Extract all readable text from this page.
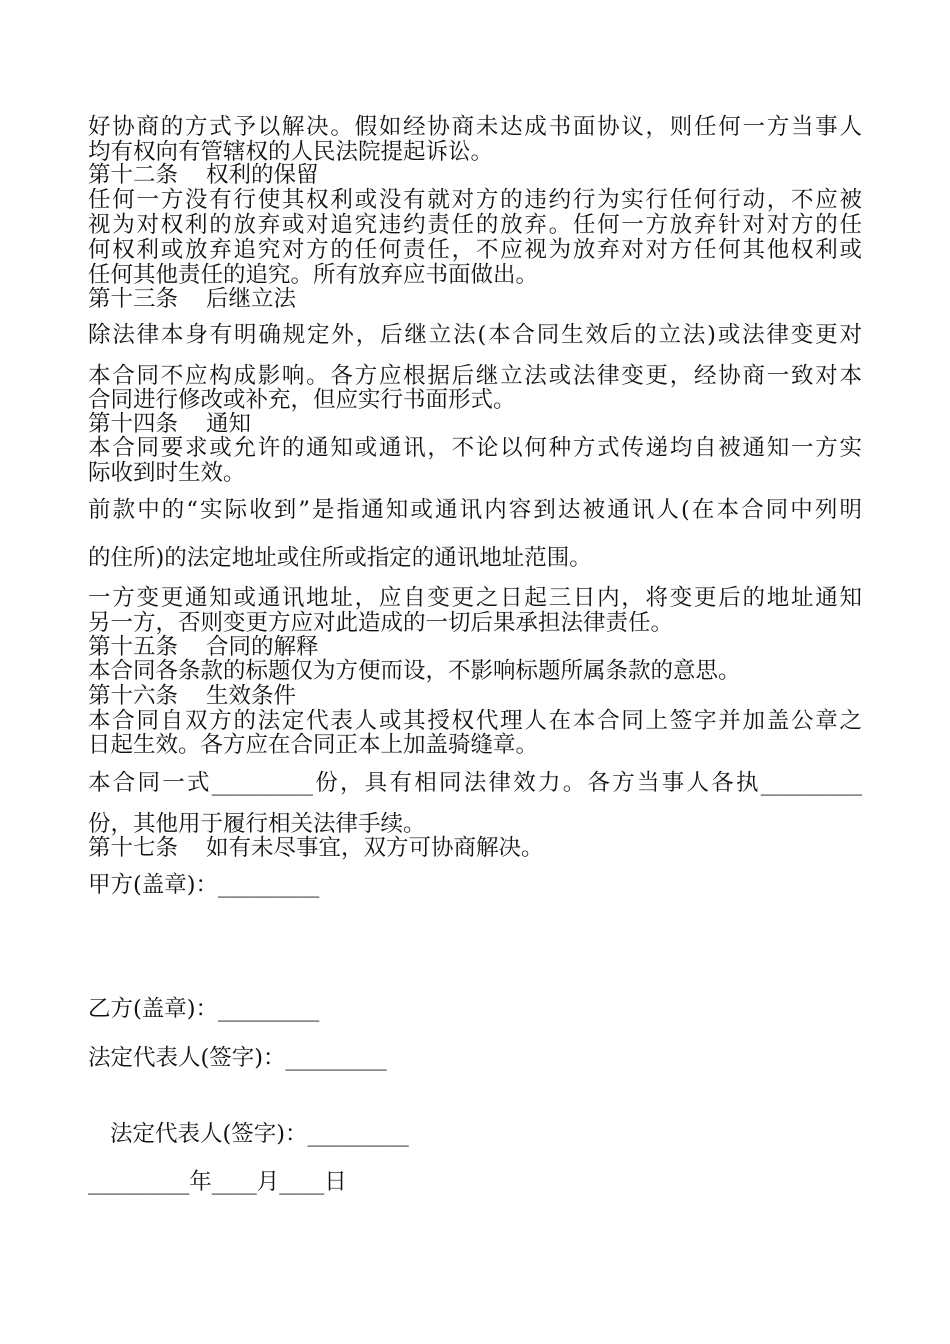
好协商的方式予以解决。假如经协商未达成书面协议，则任何一方当事人
均有权向有管辖权的人民法院提起诉讼。
第十二条 权利的保留
任何一方没有行使其权利或没有就对方的违约行为实行任何行动，不应被
视为对权利的放弃或对追究违约责任的放弃。任何一方放弃针对对方的任
何权利或放弃追究对方的任何责任，不应视为放弃对对方任何其他权利或
任何其他责任的追究。所有放弃应书面做出。
第十三条 后继立法
除法律本身有明确规定外，后继立法(本合同生效后的立法)或法律变更对
本合同不应构成影响。各方应根据后继立法或法律变更，经协商一致对本
合同进行修改或补充，但应实行书面形式。
第十四条 通知
本合同要求或允许的通知或通讯，不论以何种方式传递均自被通知一方实
际收到时生效。
前款中的“实际收到”是指通知或通讯内容到达被通讯人(在本合同中列明
的住所)的法定地址或住所或指定的通讯地址范围。
一方变更通知或通讯地址，应自变更之日起三日内，将变更后的地址通知
另一方，否则变更方应对此造成的一切后果承担法律责任。
第十五条 合同的解释
本合同各条款的标题仅为方便而设，不影响标题所属条款的意思。
第十六条 生效条件
本合同自双方的法定代表人或其授权代理人在本合同上签字并加盖公章之
日起生效。各方应在合同正本上加盖骑缝章。
本合同一式_________份，具有相同法律效力。各方当事人各执_________
份，其他用于履行相关法律手续。
第十七条 如有未尽事宜，双方可协商解决。
甲方(盖章)：_________
乙方(盖章)：_________
法定代表人(签字)：_________
法定代表人(签字)：_________
_________年____月____日
